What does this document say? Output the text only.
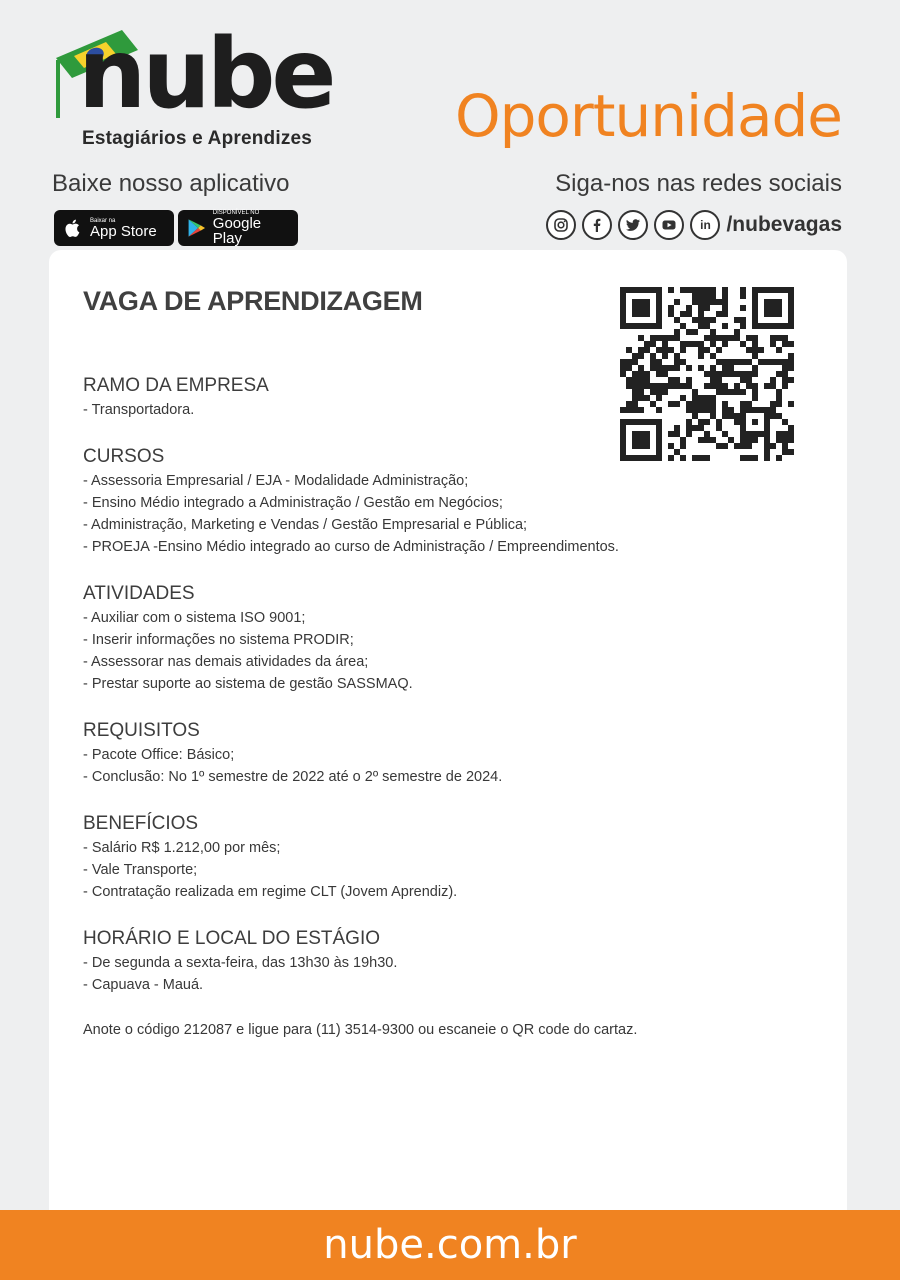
nube
Estagiários e Aprendizes Oportunidade
Baixe nosso aplicativo	Siga-nos nas redes sociais
Baixar na
App Store
DISPONÍVEL NO
Google Play
in /nubevagas
VAGA DE APRENDIZAGEM
RAMO DA EMPRESA
- Transportadora.
CURSOS
- Assessoria Empresarial / EJA - Modalidade Administração;
- Ensino Médio integrado a Administração / Gestão em Negócios;
- Administração, Marketing e Vendas / Gestão Empresarial e Pública;
- PROEJA -Ensino Médio integrado ao curso de Administração / Empreendimentos.
ATIVIDADES
- Auxiliar com o sistema ISO 9001;
- Inserir informações no sistema PRODIR;
- Assessorar nas demais atividades da área;
- Prestar suporte ao sistema de gestão SASSMAQ.
REQUISITOS
- Pacote Office: Básico;
- Conclusão: No 1º semestre de 2022 até o 2º semestre de 2024.
BENEFÍCIOS
- Salário R$ 1.212,00 por mês;
- Vale Transporte;
- Contratação realizada em regime CLT (Jovem Aprendiz).
HORÁRIO E LOCAL DO ESTÁGIO
- De segunda a sexta-feira, das 13h30 às 19h30.
- Capuava - Mauá.
Anote o código 212087 e ligue para (11) 3514-9300 ou escaneie o QR code do cartaz.
nube.com.br
